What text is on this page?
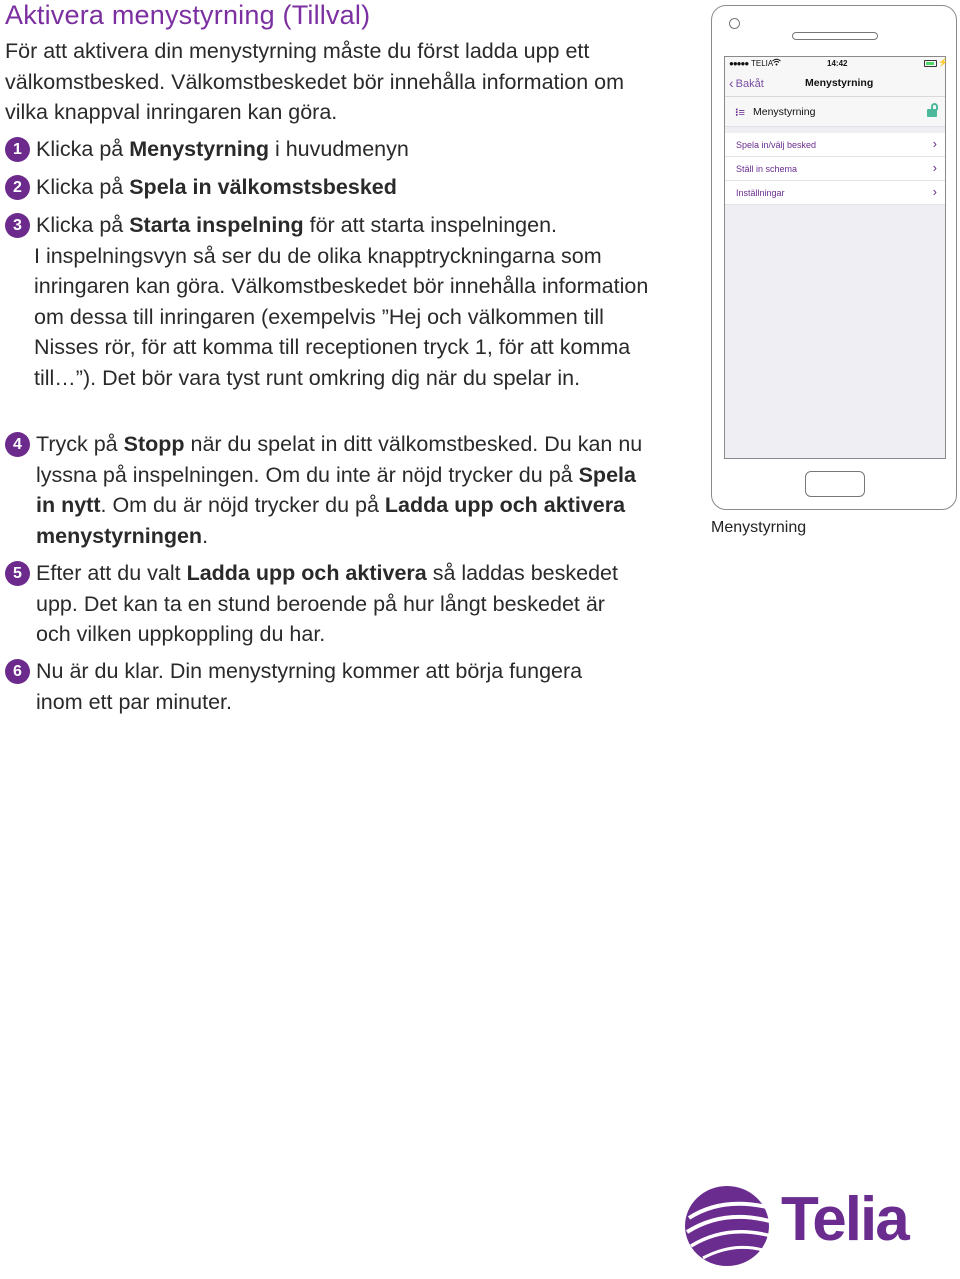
Aktivera menystyrning (Tillval)

För att aktivera din menystyrning måste du först ladda upp ett välkomstbesked. Välkomstbeskedet bör innehålla information om vilka knappval inringaren kan göra.

1 Klicka på Menystyrning i huvudmenyn
2 Klicka på Spela in välkomstsbesked
3 Klicka på Starta inspelning för att starta inspelningen.
I inspelningsvyn så ser du de olika knapptryckningarna som inringaren kan göra. Välkomstbeskedet bör innehålla information om dessa till inringaren (exempelvis ”Hej och välkommen till Nisses rör, för att komma till receptionen tryck 1, för att komma till…”). Det bör vara tyst runt omkring dig när du spelar in.
4 Tryck på Stopp när du spelat in ditt välkomstbesked. Du kan nu lyssna på inspelningen. Om du inte är nöjd trycker du på Spela in nytt. Om du är nöjd trycker du på Ladda upp och aktivera menystyrningen.
5 Efter att du valt Ladda upp och aktivera så laddas beskedet upp. Det kan ta en stund beroende på hur långt beskedet är och vilken uppkoppling du har.
6 Nu är du klar. Din menystyrning kommer att börja fungera inom ett par minuter.
●●●●● TELIA	14:42	⚡
‹ Bakåt	Menystyrning
⁝≡ Menystyrning
Spela in/välj besked	›
Ställ in schema	›
Inställningar	›

Menystyrning

Telia
